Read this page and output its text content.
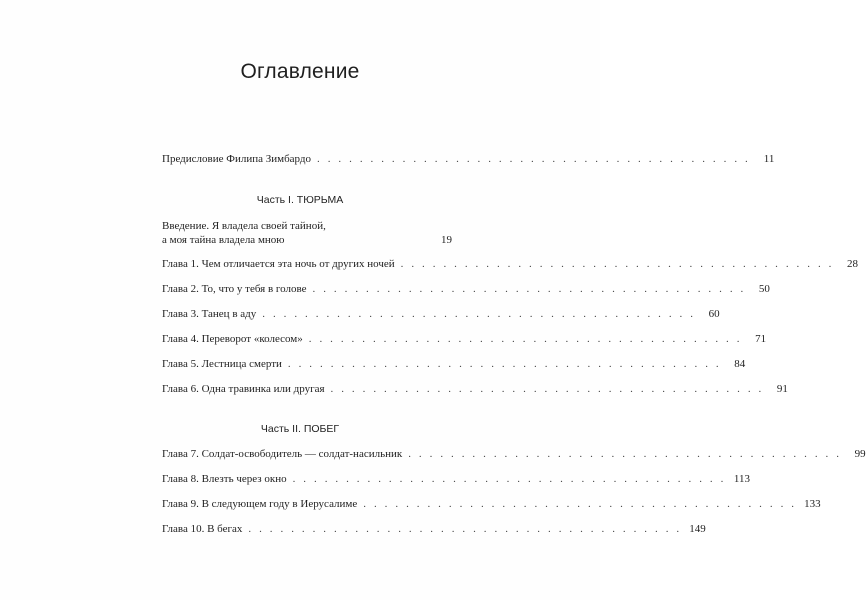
Оглавление
Предисловие Филипа Зимбардо . . . . . . . . . . . . . . . . . . . . . . . . . . . . . . . . . . . . . . . . .	11
Часть I. ТЮРЬМА
Введение. Я владела своей тайной,
а моя тайна владела мною	19
Глава 1. Чем отличается эта ночь от других ночей . . . . . . . . . . . . . . . . . . . . . . . . . . . . . . . . . . . . . . . . .	28
Глава 2. То, что у тебя в голове . . . . . . . . . . . . . . . . . . . . . . . . . . . . . . . . . . . . . . . . .	50
Глава 3. Танец в аду . . . . . . . . . . . . . . . . . . . . . . . . . . . . . . . . . . . . . . . . .	60
Глава 4. Переворот «колесом» . . . . . . . . . . . . . . . . . . . . . . . . . . . . . . . . . . . . . . . . .	71
Глава 5. Лестница смерти . . . . . . . . . . . . . . . . . . . . . . . . . . . . . . . . . . . . . . . . .	84
Глава 6. Одна травинка или другая . . . . . . . . . . . . . . . . . . . . . . . . . . . . . . . . . . . . . . . . .	91
Часть II. ПОБЕГ
Глава 7. Солдат-освободитель — солдат-насильник . . . . . . . . . . . . . . . . . . . . . . . . . . . . . . . . . . . . . . . . .	99
Глава 8. Влезть через окно . . . . . . . . . . . . . . . . . . . . . . . . . . . . . . . . . . . . . . . . . 113
Глава 9. В следующем году в Иерусалиме . . . . . . . . . . . . . . . . . . . . . . . . . . . . . . . . . . . . . . . . . 133
Глава 10. В бегах . . . . . . . . . . . . . . . . . . . . . . . . . . . . . . . . . . . . . . . . . 149
